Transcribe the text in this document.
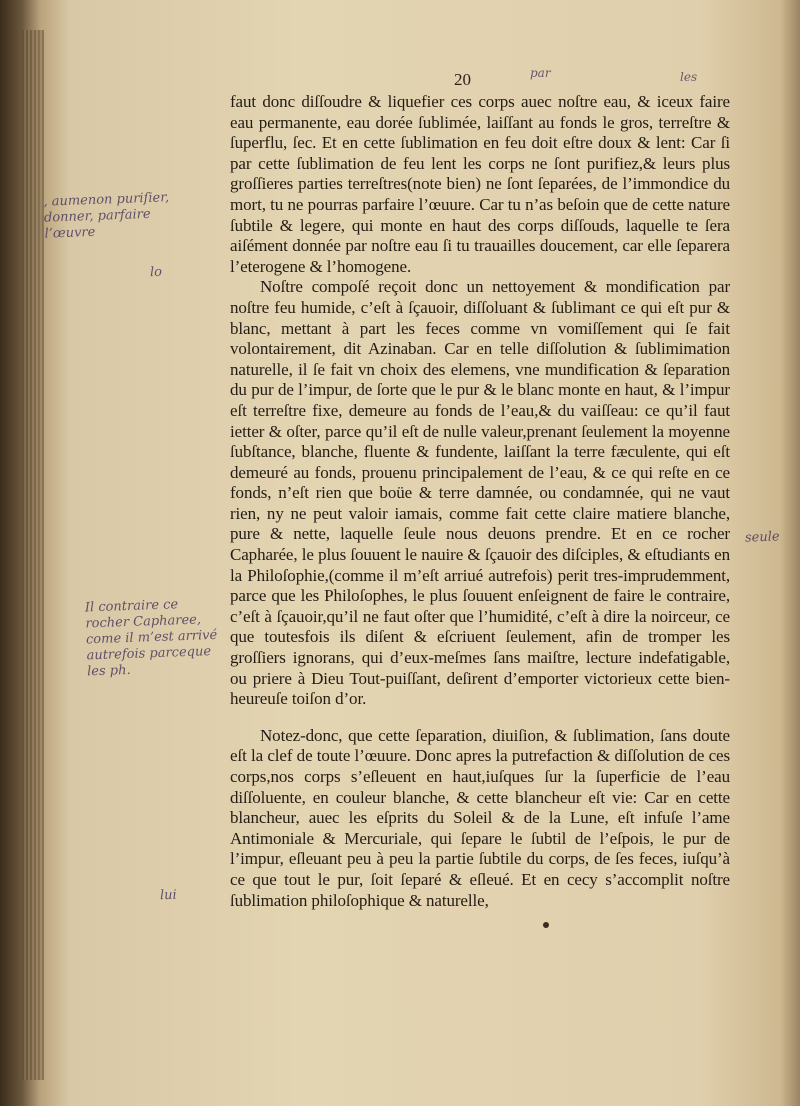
20	par	les

faut donc diſſoudre & liquefier ces corps auec noſtre eau, & iceux faire eau permanente, eau dorée ſublimée, laiſſant au fonds le gros, terreſtre & ſuperflu, ſec. Et en cette ſublimation en feu doit eſtre doux & lent: Car ſi par cette ſublimation de feu lent les corps ne ſont purifiez,& leurs plus groſſieres parties terreſtres(note bien) ne ſont ſeparées, de l’immondice du mort, tu ne pourras parfaire l’œuure. Car tu n’as beſoin que de cette nature ſubtile & legere, qui monte en haut des corps diſſouds, laquelle te ſera aiſément donnée par noſtre eau ſi tu trauailles doucement, car elle ſeparera l’eterogene & l’homogene.

Noſtre compoſé reçoit donc un nettoyement & mondification par noſtre feu humide, c’eſt à ſçauoir, diſſoluant & ſublimant ce qui eſt pur & blanc, mettant à part les feces comme vn vomiſſement qui ſe fait volontairement, dit Azinaban. Car en telle diſſolution & ſublimimation naturelle, il ſe fait vn choix des elemens, vne mundification & ſeparation du pur de l’impur, de ſorte que le pur & le blanc monte en haut, & l’impur eſt terreſtre fixe, demeure au fonds de l’eau,& du vaiſſeau: ce qu’il faut ietter & oſter, parce qu’il eſt de nulle valeur,prenant ſeulement la moyenne ſubſtance, blanche, fluente & fundente, laiſſant la terre fæculente, qui eſt demeuré au fonds, prouenu principalement de l’eau, & ce qui reſte en ce fonds, n’eſt rien que boüe & terre damnée, ou condamnée, qui ne vaut rien, ny ne peut valoir iamais, comme fait cette claire matiere blanche, pure & nette, laquelle ſeule nous deuons prendre. Et en ce rocher Capharée, le plus ſouuent le nauire & ſçauoir des diſciples, & eſtudiants en la Philoſophie,(comme il m’eſt arriué autrefois) perit tres-imprudemment, parce que les Philoſophes, le plus ſouuent enſeignent de faire le contraire, c’eſt à ſçauoir,qu’il ne faut oſter que l’humidité, c’eſt à dire la noirceur, ce que toutesfois ils diſent & eſcriuent ſeulement, afin de tromper les groſſiers ignorans, qui d’eux-meſmes ſans maiſtre, lecture indefatigable, ou priere à Dieu Tout-puiſſant, deſirent d’emporter victorieux cette bien-heureuſe toiſon d’or.

Notez-donc, que cette ſeparation, diuiſion, & ſublimation, ſans doute eſt la clef de toute l’œuure. Donc apres la putrefaction & diſſolution de ces corps,nos corps s’eſleuent en haut,iuſques ſur la ſuperficie de l’eau diſſoluente, en couleur blanche, & cette blancheur eſt vie: Car en cette blancheur, auec les eſprits du Soleil & de la Lune, eſt infuſe l’ame Antimoniale & Mercuriale, qui ſepare le ſubtil de l’eſpois, le pur de l’impur, eſleuant peu à peu la partie ſubtile du corps, de ſes feces, iuſqu’à ce que tout le pur, ſoit ſeparé & eſleué. Et en cecy s’accomplit noſtre ſublimation philoſophique & naturelle,

, aumenon puriſier, donner, parfaire l’œuvre
lo
Il contraire ce rocher Capharee, come il m’est arrivé autrefois parceque les ph.
seule
lui
